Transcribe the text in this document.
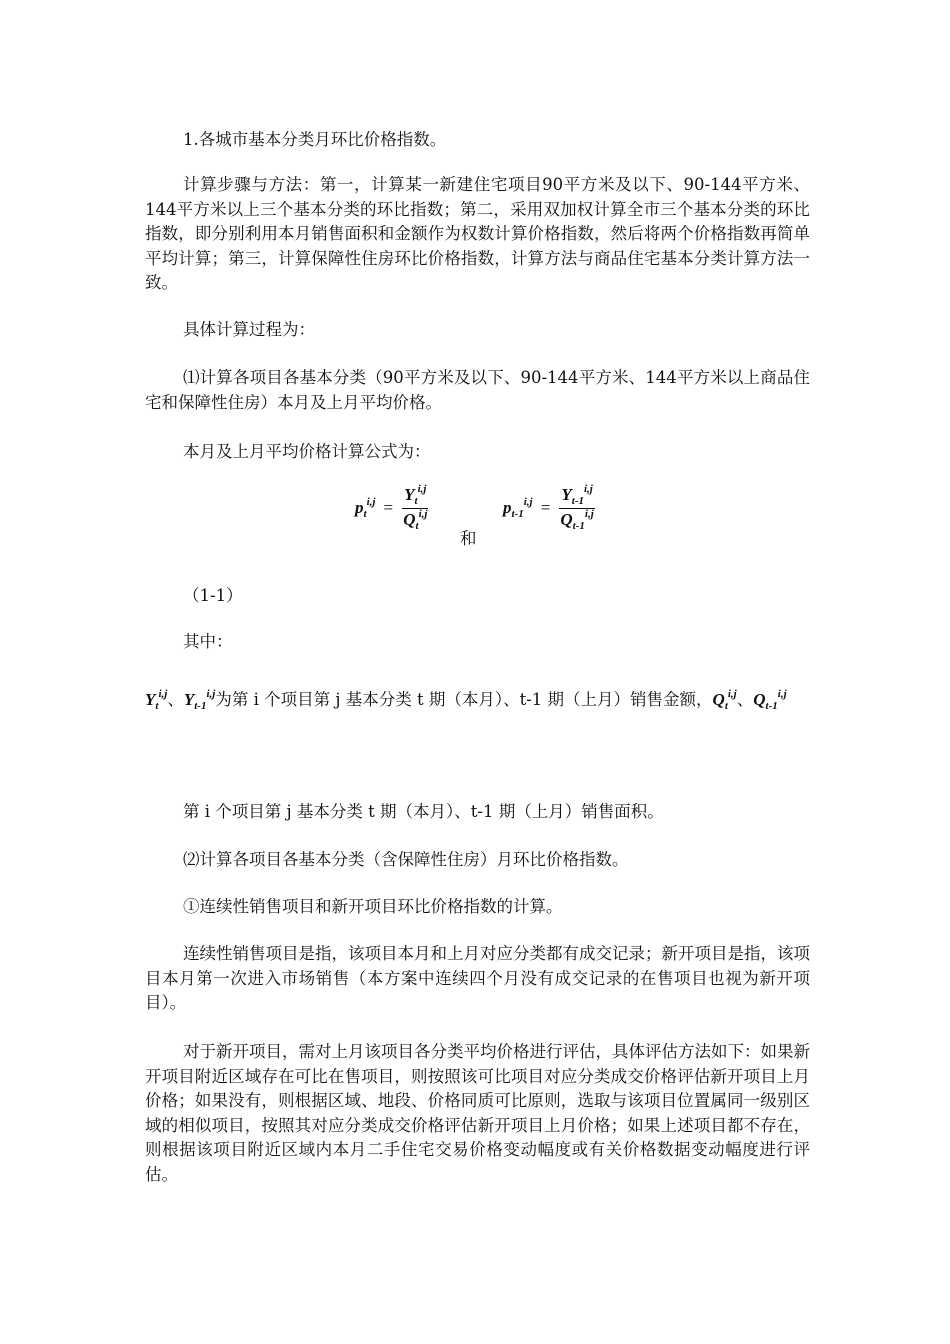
1.各城市基本分类月环比价格指数。

计算步骤与方法：第一，计算某一新建住宅项目90平方米及以下、90-144平方米、144平方米以上三个基本分类的环比指数；第二，采用双加权计算全市三个基本分类的环比指数，即分别利用本月销售面积和金额作为权数计算价格指数，然后将两个价格指数再简单平均计算；第三，计算保障性住房环比价格指数，计算方法与商品住宅基本分类计算方法一致。

具体计算过程为：

⑴计算各项目各基本分类（90平方米及以下、90-144平方米、144平方米以上商品住宅和保障性住房）本月及上月平均价格。

本月及上月平均价格计算公式为：

$p_t^{i,j} = \frac{Y_t^{i,j}}{Q_t^{i,j}}$
和
$p_{t-1}^{i,j} = \frac{Y_{t-1}^{i,j}}{Q_{t-1}^{i,j}}$

（1-1）

其中：

$Y_t^{i,j}$、$Y_{t-1}^{i,j}$为第 i 个项目第 j 基本分类 t 期（本月）、t-1 期（上月）销售金额，$Q_t^{i,j}$、$Q_{t-1}^{i,j}$

第 i 个项目第 j 基本分类 t 期（本月）、t-1 期（上月）销售面积。

⑵计算各项目各基本分类（含保障性住房）月环比价格指数。

①连续性销售项目和新开项目环比价格指数的计算。

连续性销售项目是指，该项目本月和上月对应分类都有成交记录；新开项目是指，该项目本月第一次进入市场销售（本方案中连续四个月没有成交记录的在售项目也视为新开项目）。

对于新开项目，需对上月该项目各分类平均价格进行评估，具体评估方法如下：如果新开项目附近区域存在可比在售项目，则按照该可比项目对应分类成交价格评估新开项目上月价格；如果没有，则根据区域、地段、价格同质可比原则，选取与该项目位置属同一级别区域的相似项目，按照其对应分类成交价格评估新开项目上月价格；如果上述项目都不存在，则根据该项目附近区域内本月二手住宅交易价格变动幅度或有关价格数据变动幅度进行评估。
